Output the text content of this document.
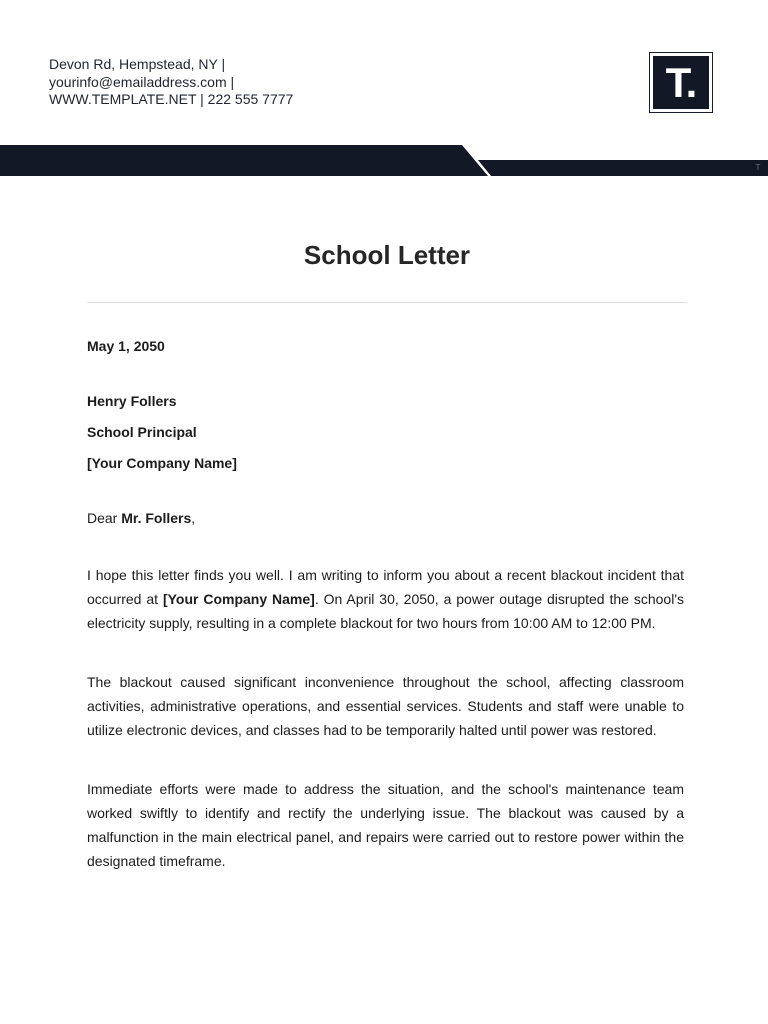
Devon Rd, Hempstead, NY |
yourinfo@emailaddress.com |
WWW.TEMPLATE.NET | 222 555 7777	T.
T
School Letter

May 1, 2050

Henry Follers

School Principal

[Your Company Name]

Dear Mr. Follers,

I hope this letter finds you well. I am writing to inform you about a recent blackout incident that occurred at [Your Company Name]. On April 30, 2050, a power outage disrupted the school's electricity supply, resulting in a complete blackout for two hours from 10:00 AM to 12:00 PM.

The blackout caused significant inconvenience throughout the school, affecting classroom activities, administrative operations, and essential services. Students and staff were unable to utilize electronic devices, and classes had to be temporarily halted until power was restored.

Immediate efforts were made to address the situation, and the school's maintenance team worked swiftly to identify and rectify the underlying issue. The blackout was caused by a malfunction in the main electrical panel, and repairs were carried out to restore power within the designated timeframe.
